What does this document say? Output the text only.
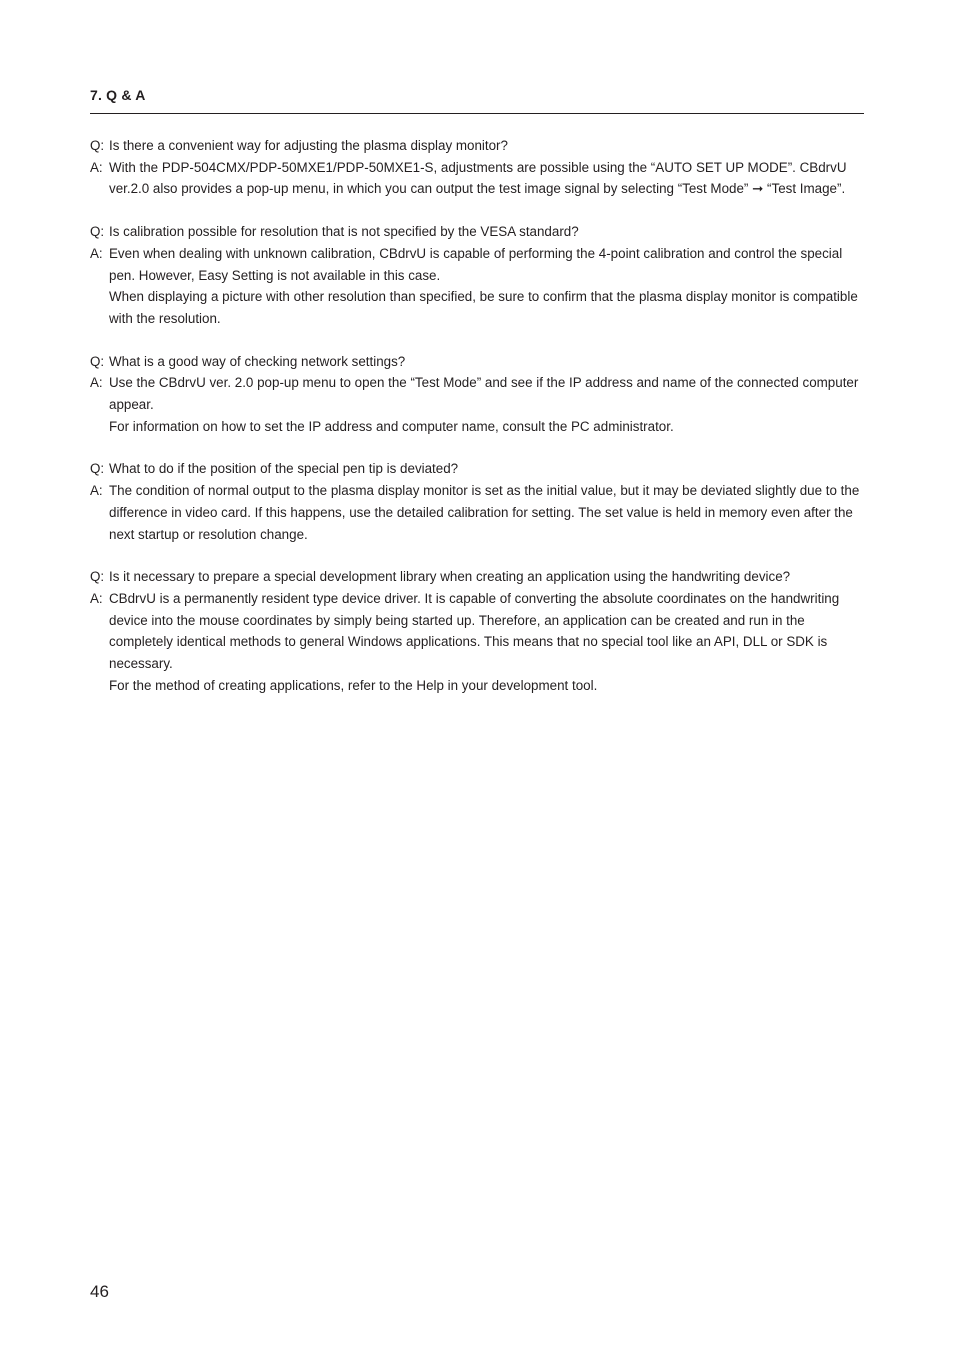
7. Q & A
Q: Is there a convenient way for adjusting the plasma display monitor?
A: With the PDP-504CMX/PDP-50MXE1/PDP-50MXE1-S, adjustments are possible using the “AUTO SET UP MODE”. CBdrvU ver.2.0 also provides a pop-up menu, in which you can output the test image signal by selecting “Test Mode” ➞ “Test Image”.

Q: Is calibration possible for resolution that is not specified by the VESA standard?
A: Even when dealing with unknown calibration, CBdrvU is capable of performing the 4-point calibration and control the special pen. However, Easy Setting is not available in this case.

When displaying a picture with other resolution than specified, be sure to confirm that the plasma display monitor is compatible with the resolution.

Q: What is a good way of checking network settings?
A: Use the CBdrvU ver. 2.0 pop-up menu to open the “Test Mode” and see if the IP address and name of the connected computer appear.

For information on how to set the IP address and computer name, consult the PC administrator.

Q: What to do if the position of the special pen tip is deviated?
A: The condition of normal output to the plasma display monitor is set as the initial value, but it may be deviated slightly due to the difference in video card. If this happens, use the detailed calibration for setting. The set value is held in memory even after the next startup or resolution change.

Q: Is it necessary to prepare a special development library when creating an application using the handwriting device?
A: CBdrvU is a permanently resident type device driver. It is capable of converting the absolute coordinates on the handwriting device into the mouse coordinates by simply being started up. Therefore, an application can be created and run in the completely identical methods to general Windows applications. This means that no special tool like an API, DLL or SDK is necessary.

For the method of creating applications, refer to the Help in your development tool.

46
